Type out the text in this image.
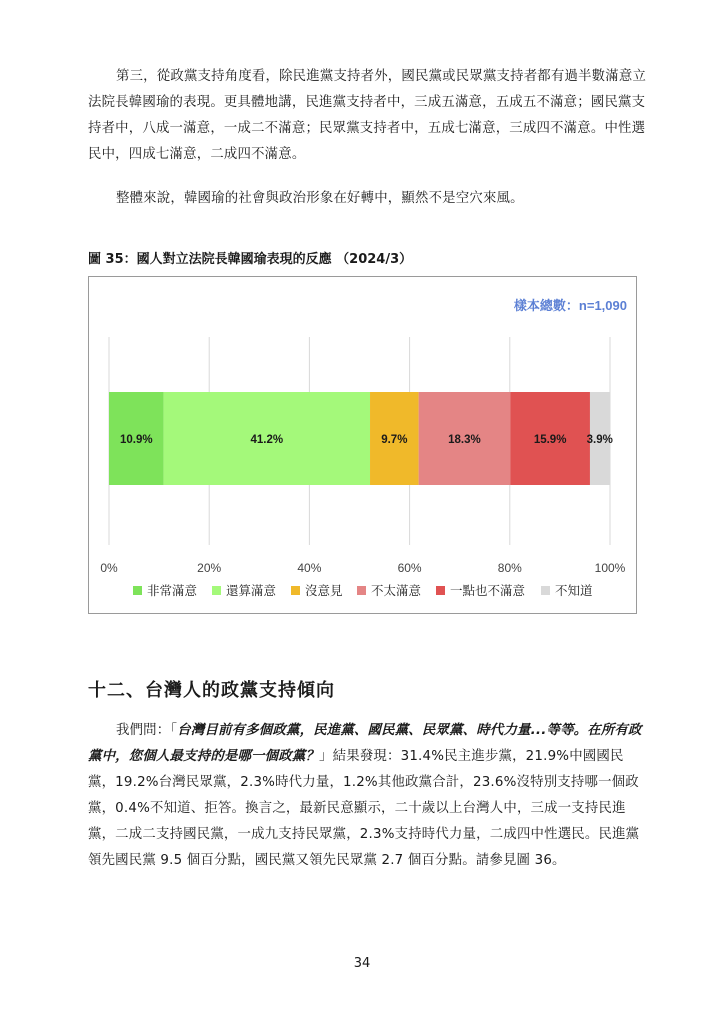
第三，從政黨支持角度看，除民進黨支持者外，國民黨或民眾黨支持者都有過半數滿意立法院長韓國瑜的表現。更具體地講，民進黨支持者中，三成五滿意，五成五不滿意；國民黨支持者中，八成一滿意，一成二不滿意；民眾黨支持者中，五成七滿意，三成四不滿意。中性選民中，四成七滿意，二成四不滿意。

整體來說，韓國瑜的社會與政治形象在好轉中，顯然不是空穴來風。

圖 35：國人對立法院長韓國瑜表現的反應 （2024/3）
樣本總數：n=1,090
10.9%	41.2%	9.7%	18.3%	15.9% 3.9%
0%	20%	40%	60%	80%	100%
非常滿意 還算滿意 沒意見 不太滿意 一點也不滿意 不知道
十二、台灣人的政黨支持傾向

我們問：「台灣目前有多個政黨，民進黨、國民黨、民眾黨、時代力量...等等。在所有政黨中，您個人最支持的是哪一個政黨？」結果發現：31.4%民主進步黨，21.9%中國國民黨，19.2%台灣民眾黨，2.3%時代力量，1.2%其他政黨合計，23.6%沒特別支持哪一個政黨，0.4%不知道、拒答。換言之，最新民意顯示，二十歲以上台灣人中，三成一支持民進黨，二成二支持國民黨，一成九支持民眾黨，2.3%支持時代力量，二成四中性選民。民進黨領先國民黨 9.5 個百分點，國民黨又領先民眾黨 2.7 個百分點。請參見圖 36。

34
